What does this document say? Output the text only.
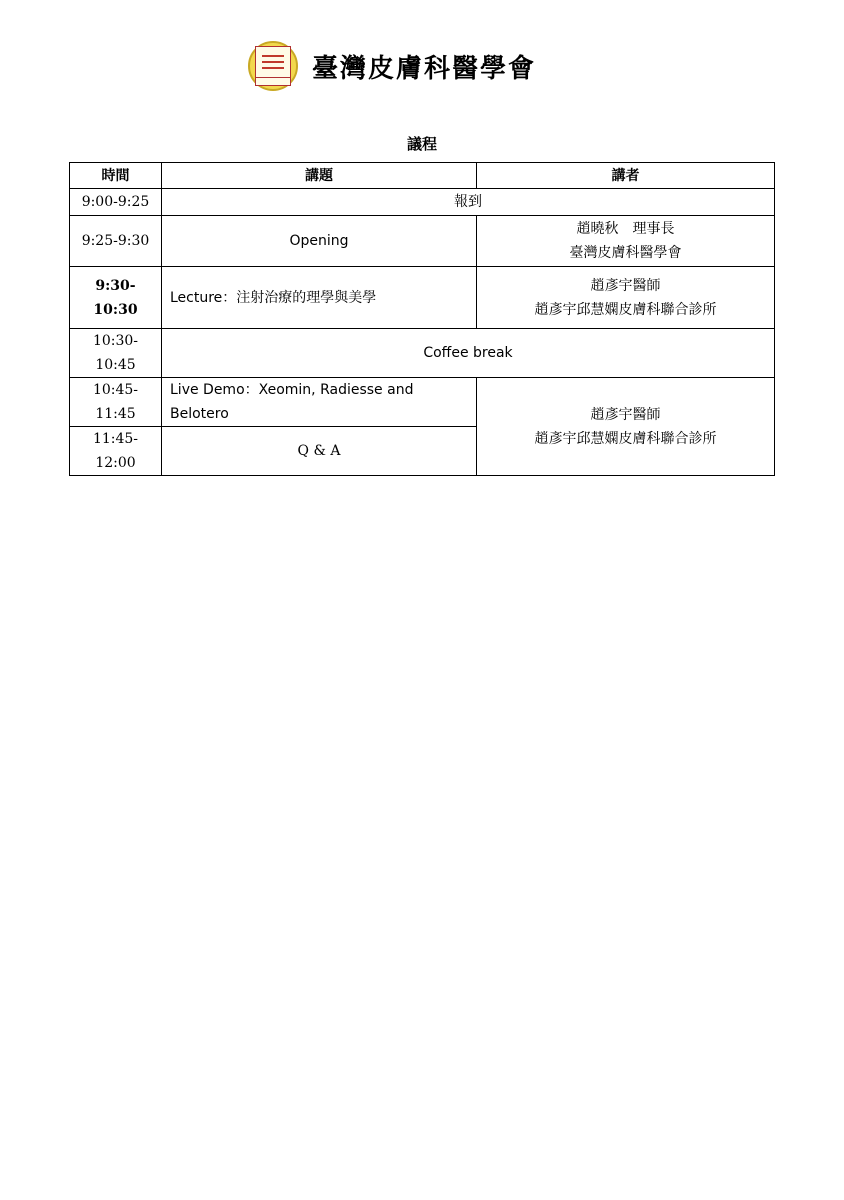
臺灣皮膚科醫學會
議程
時間	講題	講者
9:00-9:25	報到	
9:25-9:30	Opening	趙曉秋　理事長
臺灣皮膚科醫學會

9:30-10:30	Lecture：注射治療的理學與美學	趙彥宇醫師
趙彥宇邱慧嫻皮膚科聯合診所

10:30-10:45	Coffee break	
10:45-11:45	Live Demo：Xeomin, Radiesse and Belotero	趙彥宇醫師
趙彥宇邱慧嫻皮膚科聯合診所

11:45-12:00	Q & A	
